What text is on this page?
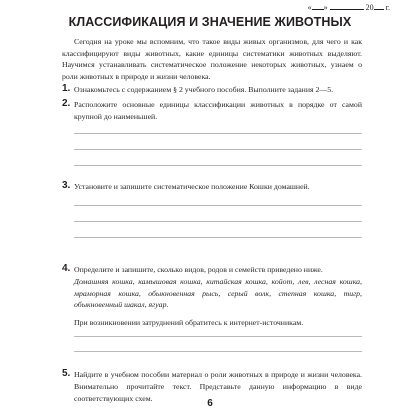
« »	20 г.
КЛАССИФИКАЦИЯ И ЗНАЧЕНИЕ ЖИВОТНЫХ
Сегодня на уроке мы вспомним, что такое виды живых организмов, для чего и как классифицируют виды животных, какие единицы систематики животных выделяют. Научимся устанавливать систематическое положение некоторых животных, узнаем о роли животных в природе и жизни человека.
1. Ознакомьтесь с содержанием § 2 учебного пособия. Выполните задания 2—5.
2. Расположите основные единицы классификации животных в порядке от самой крупной до наименьшей.
3. Установите и запишите систематическое положение Кошки домашней.
4. Определите и запишите, сколько видов, родов и семейств приведено ниже.
Домашняя кошка, камышовая кошка, китайская кошка, койот, лев, лесная кошка, мраморная кошка, обыкновенная рысь, серый волк, степная кошка, тигр, обыкновенный шакал, ягуар.
При возникновении затруднений обратитесь к интернет-источникам.
5. Найдите в учебном пособии материал о роли животных в природе и жизни человека. Внимательно прочитайте текст. Представьте данную информацию в виде соответствующих схем.	6
